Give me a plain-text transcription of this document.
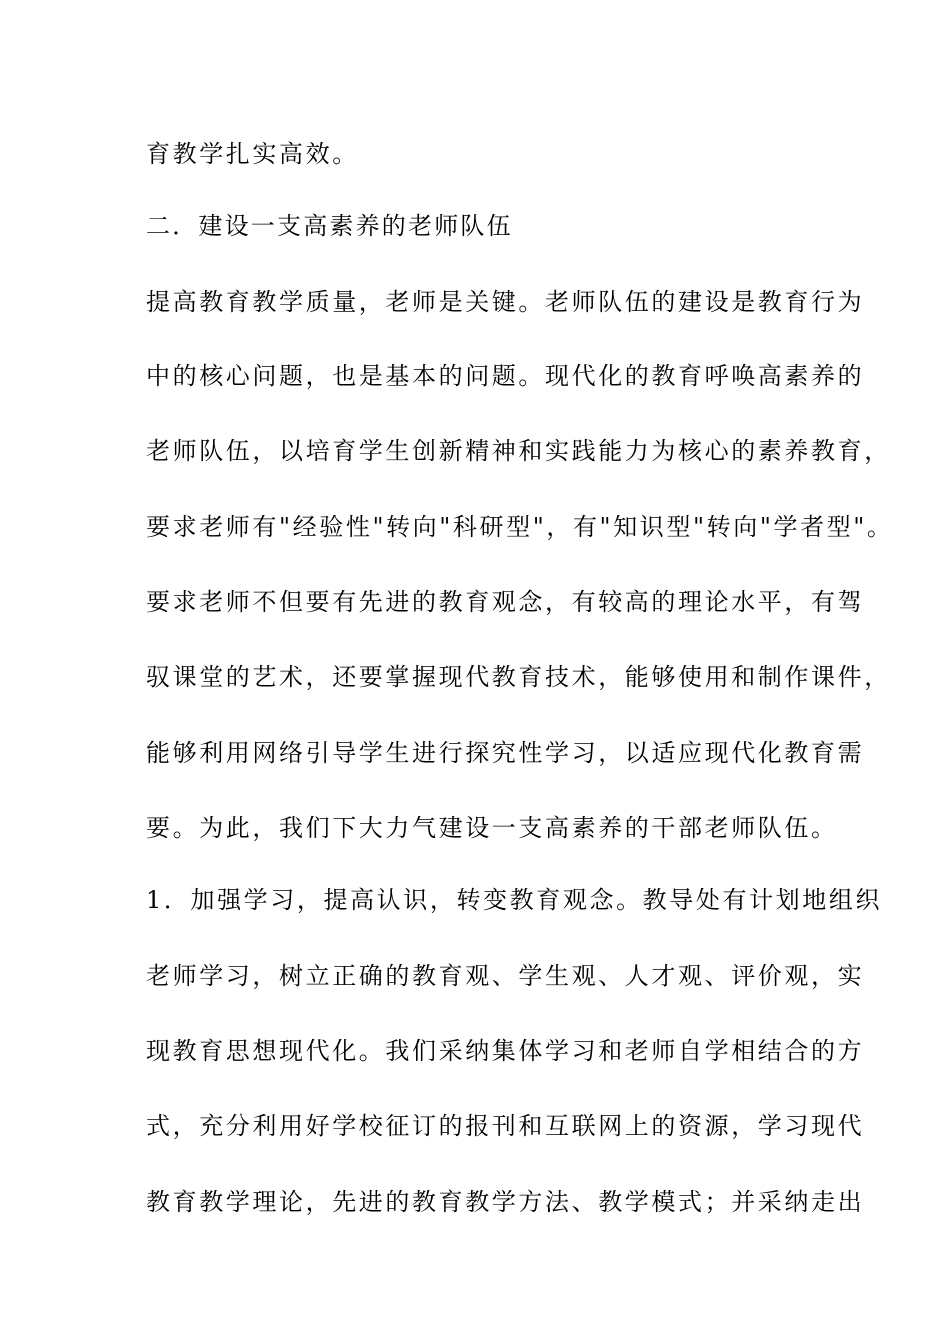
育教学扎实高效。
二．建设一支高素养的老师队伍
提高教育教学质量，老师是关键。老师队伍的建设是教育行为
中的核心问题，也是基本的问题。现代化的教育呼唤高素养的
老师队伍，以培育学生创新精神和实践能力为核心的素养教育，
要求老师有"经验性"转向"科研型"，有"知识型"转向"学者型"。
要求老师不但要有先进的教育观念，有较高的理论水平，有驾
驭课堂的艺术，还要掌握现代教育技术，能够使用和制作课件，
能够利用网络引导学生进行探究性学习，以适应现代化教育需
要。为此，我们下大力气建设一支高素养的干部老师队伍。
1．加强学习，提高认识，转变教育观念。教导处有计划地组织
老师学习，树立正确的教育观、学生观、人才观、评价观，实
现教育思想现代化。我们采纳集体学习和老师自学相结合的方
式，充分利用好学校征订的报刊和互联网上的资源，学习现代
教育教学理论，先进的教育教学方法、教学模式；并采纳走出
